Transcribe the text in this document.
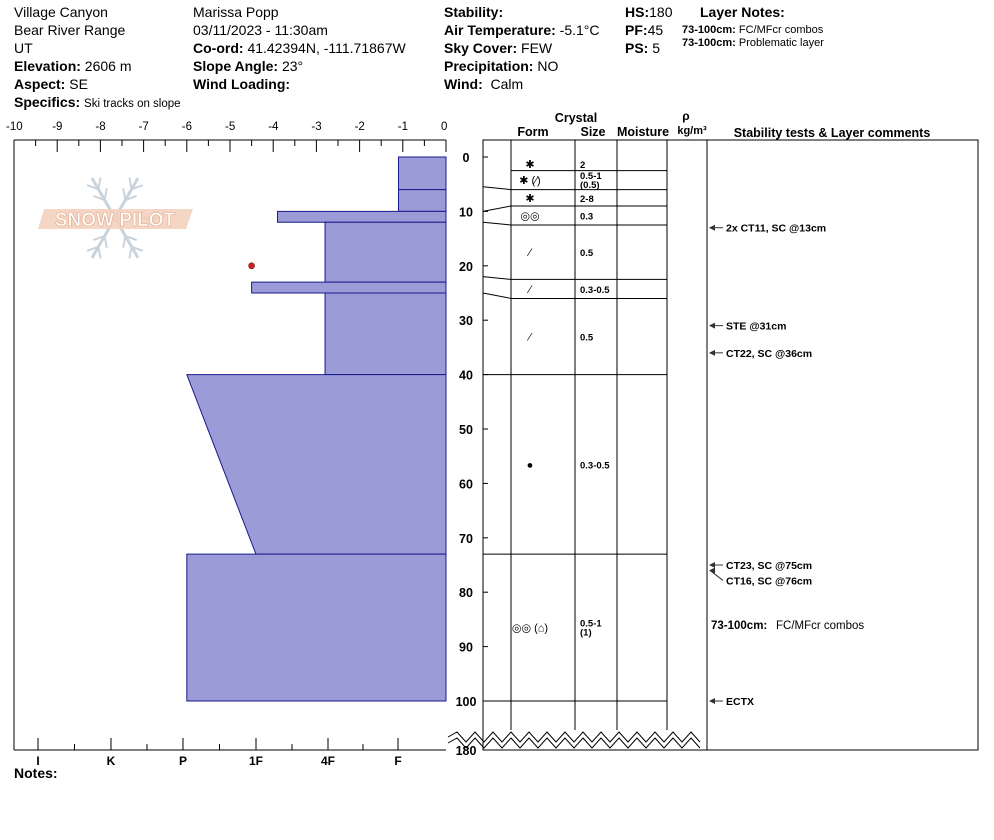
Village Canyon
Bear River Range
UT
Elevation: 2606 m
Aspect: SE
Specifics: Ski tracks on slope
Marissa Popp
03/11/2023 - 11:30am
Co-ord: 41.42394N, -111.71867W
Slope Angle: 23°
Wind Loading:
Stability:
Air Temperature: -5.1°C
Sky Cover: FEW
Precipitation: NO
Wind: Calm
HS:180
PF:45
PS: 5
Layer Notes:
73-100cm: FC/MFcr combos
73-100cm: Problematic layer
SNOW PILOT
-10	-9	-8	-7	-6	-5	-4	-3	-2	-1	0
I	K	P	1F	4F	F
0
10
20
30
40
50
60
70
80
90
100
180
Crystal
Form	Size Moisture
ρ
kg/m³ Stability tests & Layer comments
✱	2
✱ (⁄)	0.5-1
(0.5)
✱	2-8
◎◎	0.3
⁄	0.5
⁄	0.3-0.5
⁄	0.5
●	0.3-0.5
◎◎ (⌂)	0.5-1
(1)
2x CT11, SC @13cm
STE @31cm
CT22, SC @36cm
CT23, SC @75cm
CT16, SC @76cm
73-100cm: FC/MFcr combos
ECTX
Notes:
